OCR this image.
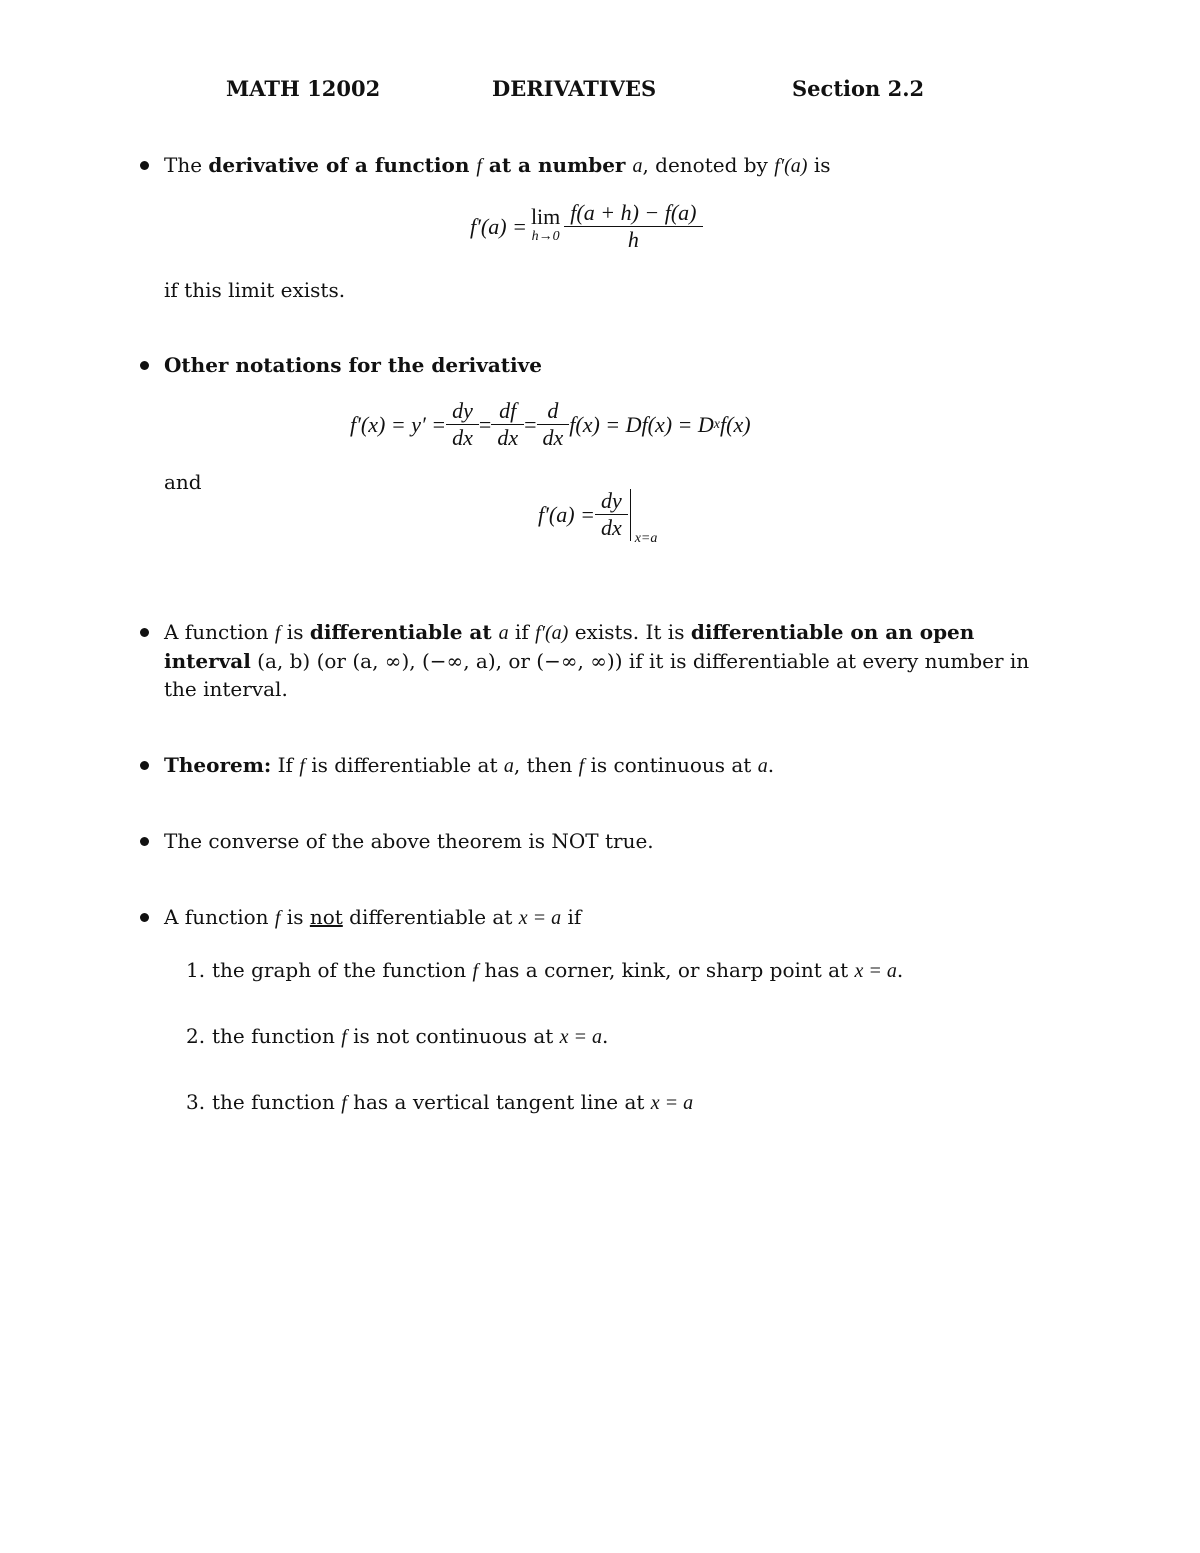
MATH 12002	DERIVATIVES	Section 2.2
The derivative of a function f at a number a, denoted by f′(a) is
f′(a) = lim
$h\to 0 \frac{f(a + h) - f(a)}{h}$
if this limit exists.
Other notations for the derivative
$f'(x) = y' = \frac{dy}{dx} = \frac{df}{dx} = \frac{d}{dx} f(x) = Df(x) = D$ x f(x)
and
$f'(a) = \frac{dy}{dx} x=a$
A function f is differentiable at a if f′(a) exists. It is differentiable on an open interval (a, b) (or (a, ∞), (−∞, a), or (−∞, ∞)) if it is differentiable at every number in the interval.
Theorem: If f is differentiable at a, then f is continuous at a.
The converse of the above theorem is NOT true.
A function f is not differentiable at x = a if
1. the graph of the function f has a corner, kink, or sharp point at x = a.
2. the function f is not continuous at x = a.
3. the function f has a vertical tangent line at x = a
